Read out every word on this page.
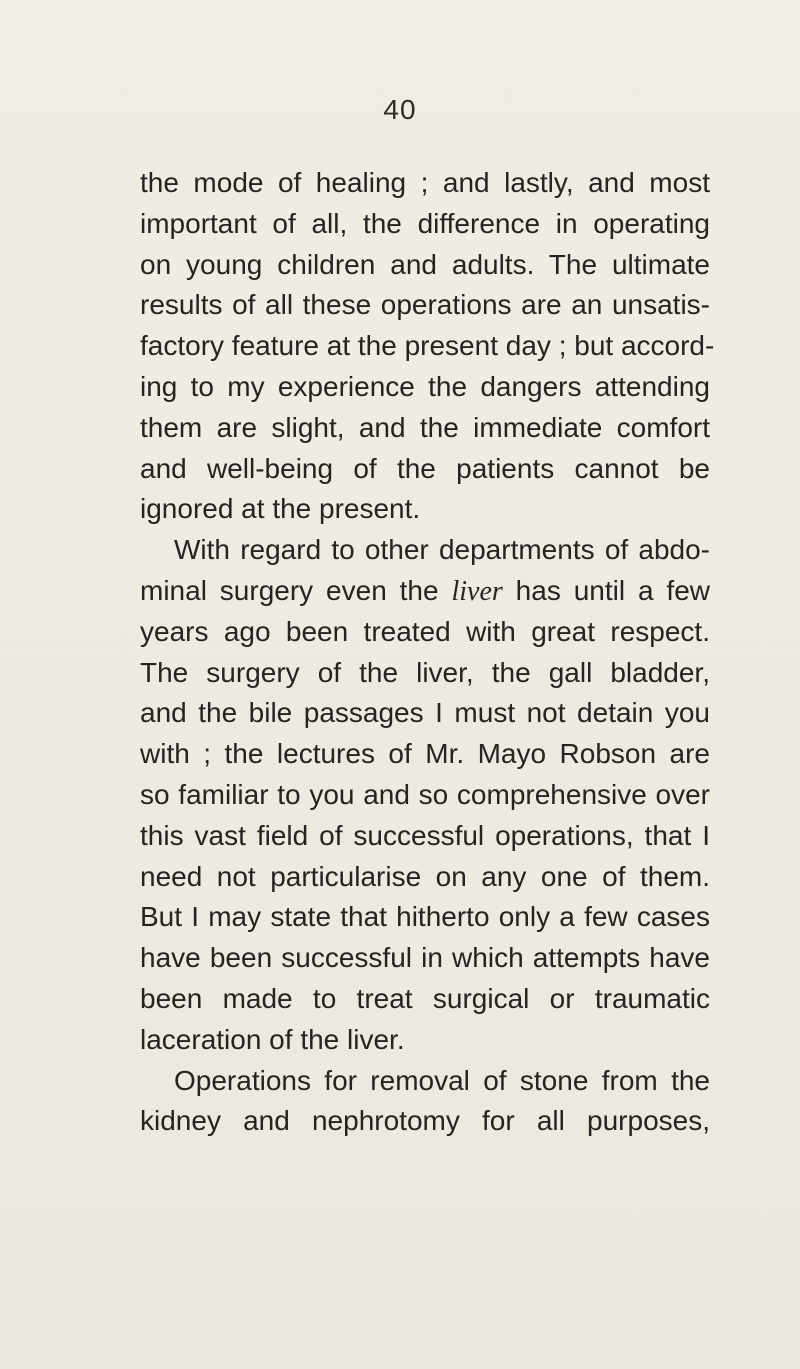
40
the mode of healing ; and lastly, and most
important of all, the difference in operating
on young children and adults. The ultimate
results of all these operations are an unsatis-
factory feature at the present day ; but accord-
ing to my experience the dangers attending
them are slight, and the immediate comfort
and well-being of the patients cannot be
ignored at the present.
With regard to other departments of abdo-
minal surgery even the liver has until a few
years ago been treated with great respect.
The surgery of the liver, the gall bladder,
and the bile passages I must not detain you
with ; the lectures of Mr. Mayo Robson are
so familiar to you and so comprehensive over
this vast field of successful operations, that I
need not particularise on any one of them.
But I may state that hitherto only a few cases
have been successful in which attempts have
been made to treat surgical or traumatic
laceration of the liver.
Operations for removal of stone from the
kidney and nephrotomy for all purposes,
